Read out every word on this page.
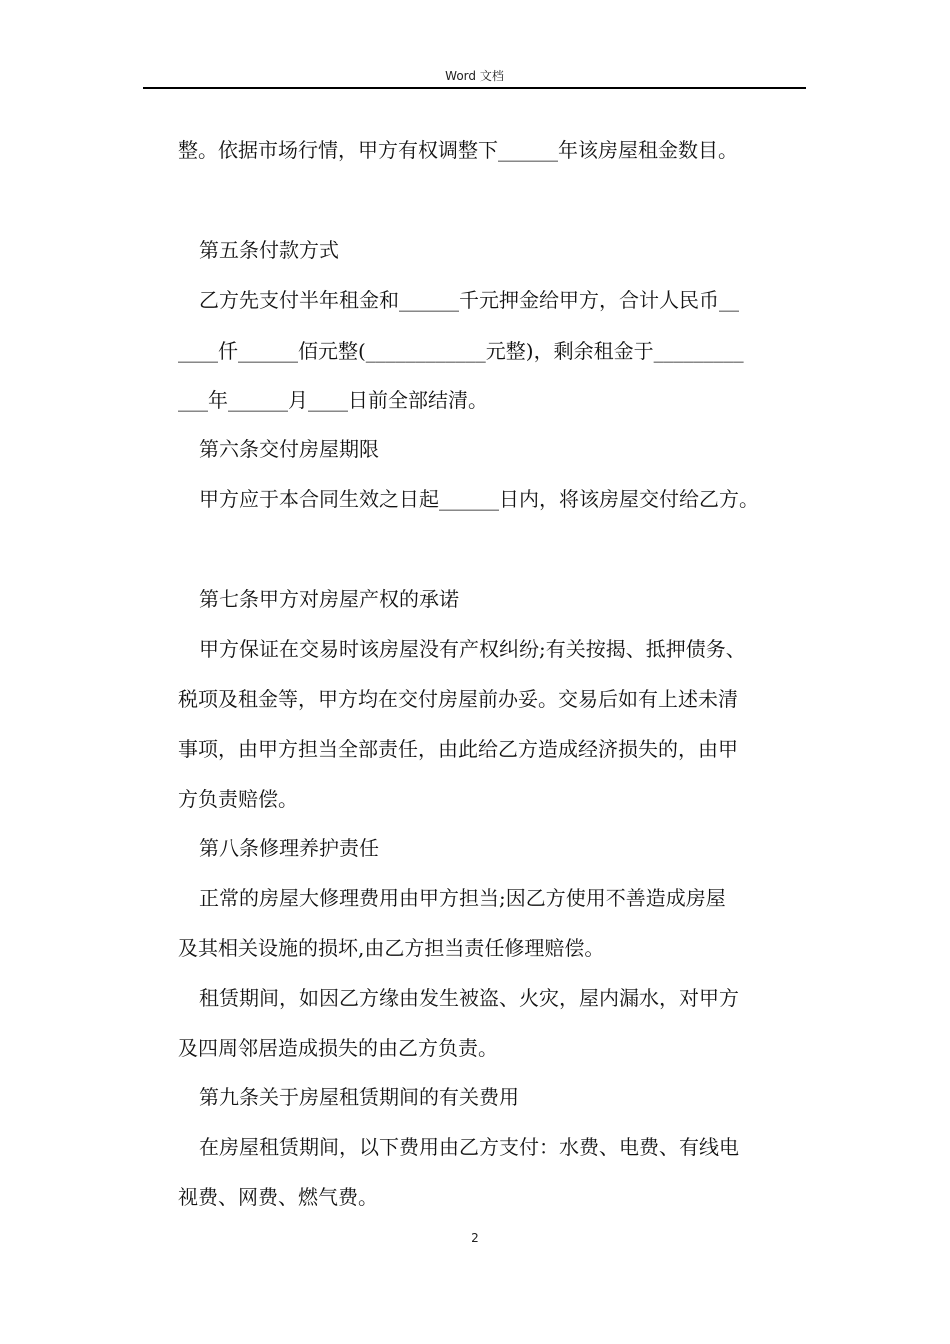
Word 文档
整。依据市场行情，甲方有权调整下______年该房屋租金数目。
第五条付款方式
乙方先支付半年租金和______千元押金给甲方，合计人民币__
____仟______佰元整(____________元整)，剩余租金于_________
___年______月____日前全部结清。
第六条交付房屋期限
甲方应于本合同生效之日起______日内，将该房屋交付给乙方。
第七条甲方对房屋产权的承诺
甲方保证在交易时该房屋没有产权纠纷;有关按揭、抵押债务、
税项及租金等，甲方均在交付房屋前办妥。交易后如有上述未清
事项，由甲方担当全部责任，由此给乙方造成经济损失的，由甲
方负责赔偿。
第八条修理养护责任
正常的房屋大修理费用由甲方担当;因乙方使用不善造成房屋
及其相关设施的损坏,由乙方担当责任修理赔偿。
租赁期间，如因乙方缘由发生被盗、火灾，屋内漏水，对甲方
及四周邻居造成损失的由乙方负责。
第九条关于房屋租赁期间的有关费用
在房屋租赁期间，以下费用由乙方支付：水费、电费、有线电
视费、网费、燃气费。
2
